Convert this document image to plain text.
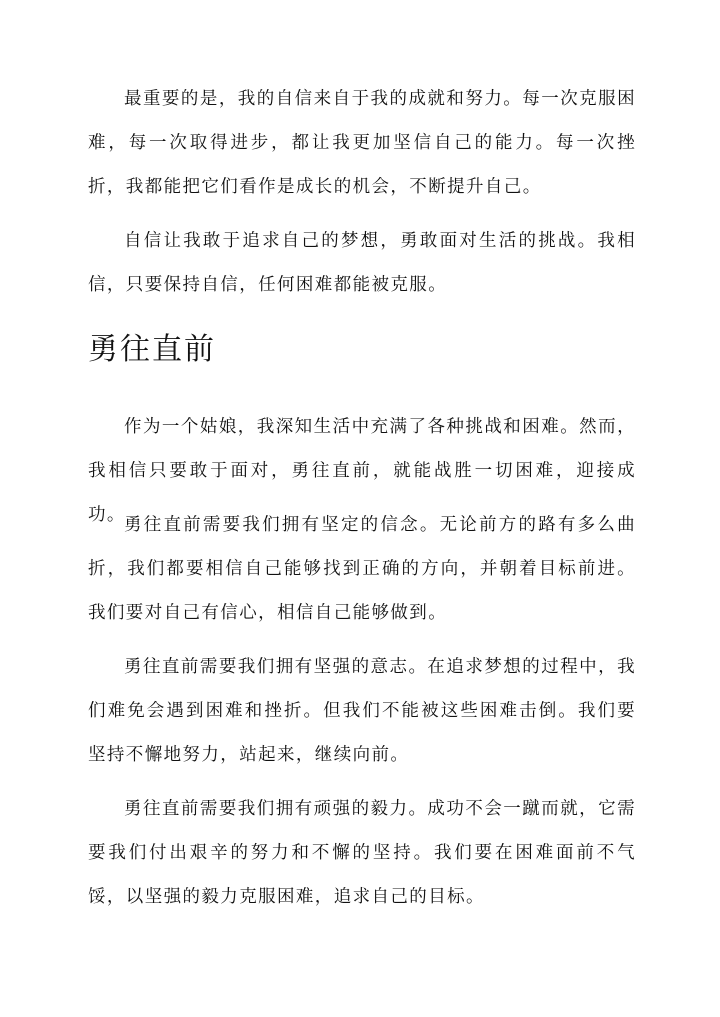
最重要的是，我的自信来自于我的成就和努力。每一次克服困难，每一次取得进步，都让我更加坚信自己的能力。每一次挫折，我都能把它们看作是成长的机会，不断提升自己。

自信让我敢于追求自己的梦想，勇敢面对生活的挑战。我相信，只要保持自信，任何困难都能被克服。

勇往直前

作为一个姑娘，我深知生活中充满了各种挑战和困难。然而，我相信只要敢于面对，勇往直前，就能战胜一切困难，迎接成功。

勇往直前需要我们拥有坚定的信念。无论前方的路有多么曲折，我们都要相信自己能够找到正确的方向，并朝着目标前进。我们要对自己有信心，相信自己能够做到。

勇往直前需要我们拥有坚强的意志。在追求梦想的过程中，我们难免会遇到困难和挫折。但我们不能被这些困难击倒。我们要坚持不懈地努力，站起来，继续向前。

勇往直前需要我们拥有顽强的毅力。成功不会一蹴而就，它需要我们付出艰辛的努力和不懈的坚持。我们要在困难面前不气馁，以坚强的毅力克服困难，追求自己的目标。
